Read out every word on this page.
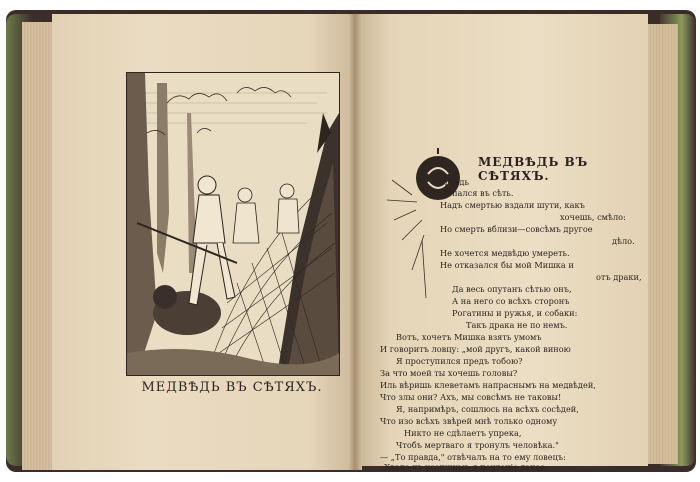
МЕДВѢДЬ ВЪ СѢТЯХЪ.
МЕДВѢДЬ ВЪ СѢТЯХЪ.
едвѣдь
Попался въ сѣть.
Надъ смертью вздали шути, какъ
хочешь, смѣло:
Но смерть вблизи—совсѣмъ другое
дѣло.
Не хочется медвѣдю умереть.
Не отказался бы мой Мишка и
отъ драки,
Да весь опутанъ сѣтью онъ,
А на него со всѣхъ сторонъ
Рогатины и ружья, и собаки:
Такъ драка не по немъ.
Вотъ, хочетъ Мишка взять умомъ
И говоритъ ловцу: „мой другъ, какой виною
Я проступился предъ тобою?
За что моей ты хочешь головы?
Иль вѣришь клеветамъ напраснымъ на медвѣдей,
Что злы они? Ахъ, мы совсѣмъ не таковы!
Я, напримѣръ, сошлюсь на всѣхъ сосѣдей,
Что изо всѣхъ звѣрей мнѣ только одному
Никто не сдѣлаетъ упрека,
Чтобъ мертваго я тронулъ человѣка."
— „То правда," отвѣчалъ на то ему ловецъ:
„Хвало къ усопшимъ я почтеніе такое;
